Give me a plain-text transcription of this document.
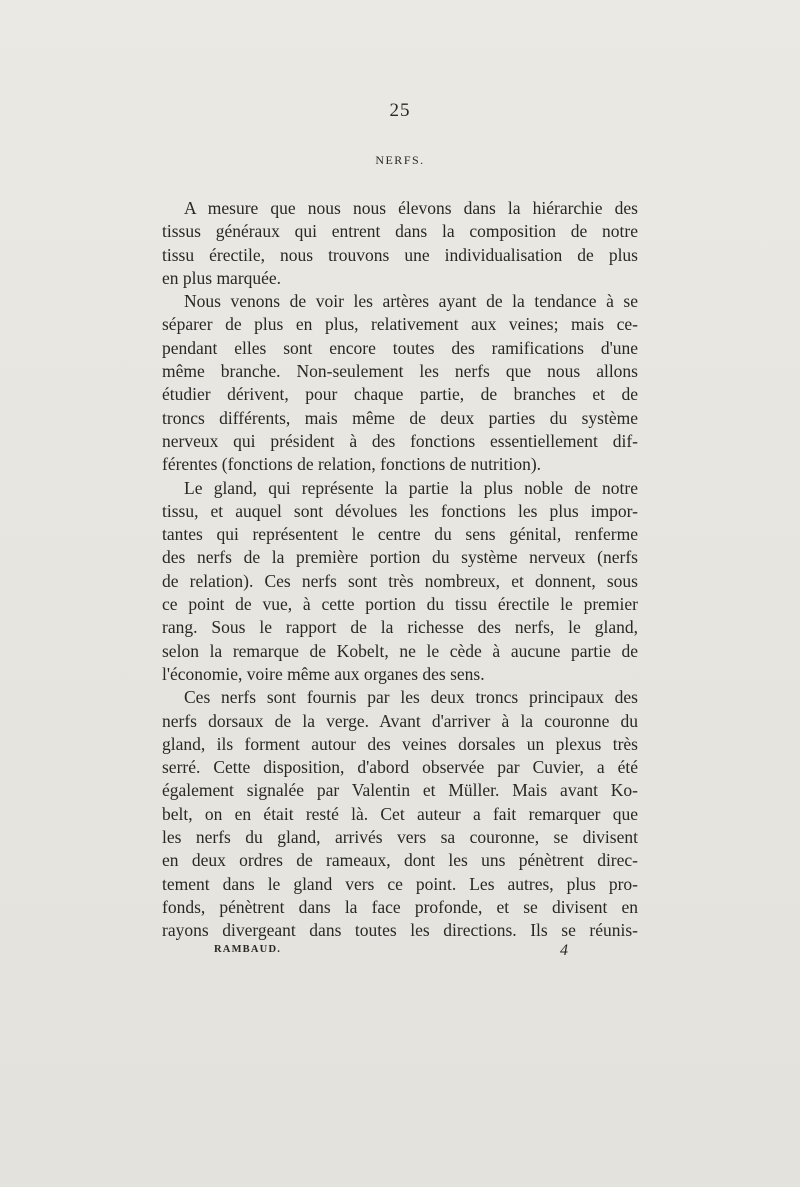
25
NERFS.
A mesure que nous nous élevons dans la hiérarchie des
tissus généraux qui entrent dans la composition de notre
tissu érectile, nous trouvons une individualisation de plus
en plus marquée.
Nous venons de voir les artères ayant de la tendance à se
séparer de plus en plus, relativement aux veines; mais ce-
pendant elles sont encore toutes des ramifications d'une
même branche. Non-seulement les nerfs que nous allons
étudier dérivent, pour chaque partie, de branches et de
troncs différents, mais même de deux parties du système
nerveux qui président à des fonctions essentiellement dif-
férentes (fonctions de relation, fonctions de nutrition).
Le gland, qui représente la partie la plus noble de notre
tissu, et auquel sont dévolues les fonctions les plus impor-
tantes qui représentent le centre du sens génital, renferme
des nerfs de la première portion du système nerveux (nerfs
de relation). Ces nerfs sont très nombreux, et donnent, sous
ce point de vue, à cette portion du tissu érectile le premier
rang. Sous le rapport de la richesse des nerfs, le gland,
selon la remarque de Kobelt, ne le cède à aucune partie de
l'économie, voire même aux organes des sens.
Ces nerfs sont fournis par les deux troncs principaux des
nerfs dorsaux de la verge. Avant d'arriver à la couronne du
gland, ils forment autour des veines dorsales un plexus très
serré. Cette disposition, d'abord observée par Cuvier, a été
également signalée par Valentin et Müller. Mais avant Ko-
belt, on en était resté là. Cet auteur a fait remarquer que
les nerfs du gland, arrivés vers sa couronne, se divisent
en deux ordres de rameaux, dont les uns pénètrent direc-
tement dans le gland vers ce point. Les autres, plus pro-
fonds, pénètrent dans la face profonde, et se divisent en
rayons divergeant dans toutes les directions. Ils se réunis-
RAMBAUD.	4
